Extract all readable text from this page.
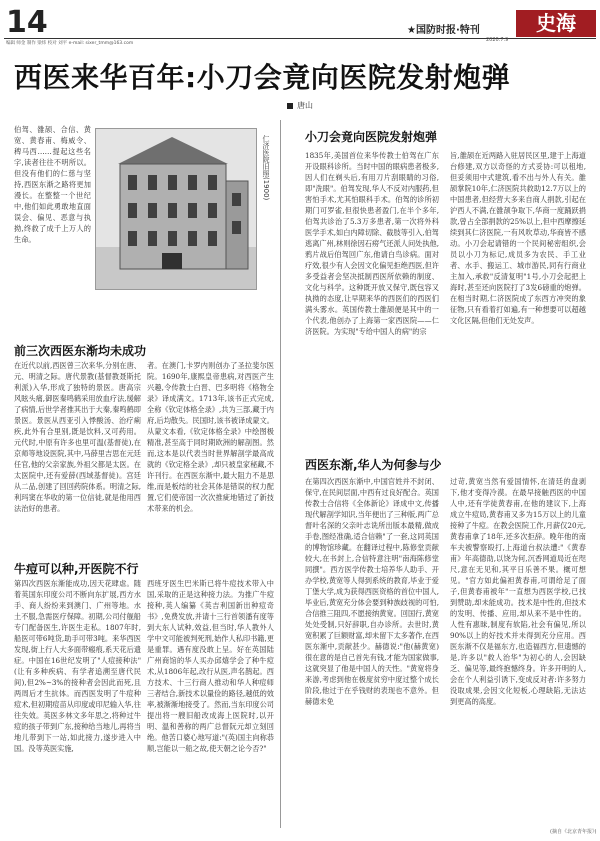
14
编辑 师金 制作 梁炜 校对 刘平 e-mail: sixer_tmm@163.com
★国防时报·特刊
2020.7.9
史海
西医来华百年:小刀会竟向医院发射炮弹
唐山
伯驾、雒颉、合信、黄宽、黄春甫、梅威令、稗马西……提起这些名字,读者往往不明所以。但没有他们的仁慈与坚持,西医东渐之路将更加漫长。在整整一个世纪中,他们如此勇敢地直面误会、偏见、恶意与执拗,终救了成千上万人的生命。
仁济医院旧照(1900)
前三次西医东渐均未成功
在近代以前,西医曾三次来华,分别在唐、元、明清之际。唐代景教(基督教聂斯托利派)入华,形成了独特的景医。唐高宗风眩头痛,御医秦鸣鹤采用放血疗法,缓解了病情,后世学者推其出于大秦,秦鸣鹤即景医。景医从西亚引入悸酸汤、治疗痢疾,此外有合里别,既是饮料,又可药用。元代时,中原有许多也里可温(基督徒),在京师等地设医院,其中,马薛里吉思在元廷任官,他的父亲家族,外祖父都是太医。在太医院中,还有爱薛(西域基督徒)。宫廷从二品,创建了回回药院体系。明清之际,利玛窦在华收的第一位信徒,就是他用西法治好的患者。
者。在澳门,卡罗内则创办了圣拉斐尔医院。1690年,康熙皇帝患病,对西医产生兴趣,令传教士白晋、巴多明将《格物全录》译成满文。1713年,该书正式完成,全称《钦定体格全录》,共为三部,藏于内府,后均散失。民国时,该书被译成蒙文。从蒙文本看,《钦定体格全录》中绘图极精准,甚至高于同时期欧洲的解剖图。然而,这本是以代表当时世界解剖学最高成就的《钦定格全录》,却只被皇家秘藏,不许刊行。在西医东渐中,最大阻力不是思维,而是板结的社会其体是错误的权力配置,它们使帝国一次次推疵地错过了新技术带来的机会。
牛痘可以种,开医院不行
第四次西医东渐能成功,因天花肆虐。随着英国东印度公司不断向东扩展,西方水手、商人纷纷来到澳门、广州等地。水土不服,急需医疗保障。初期,公司付舰船专门配备医生,许医生走私。1807年时,船医可带6吨货,助手可带3吨。来华西医发现,街上行人大多面带瘢痕,系天花后遗症。中国在16世纪发明了"人痘接种法"(让有多种疾病、有学者追溯至唐代民间),但2%~3%的接种者会因此而死,且两周后才生抗体。而西医发明了牛痘种痘术,但初期痘苗从印度或印尼输入华,往往失效。英医多林文多年思之,将种过牛痘的孩子带到广东,接种给当地儿,再将当地儿带到下一站,如此接力,遂步进入中国。没等英医实施,
西班牙医生巴米斯已将牛痘技术带入中国,采取的正是这种接力法。为推广牛痘接种,英人编纂《英吉利国新出种痘奇书》,免费发放,并请十三行首领潘有度等到大东人试种,效益,但当时,华人教外人学中文可能被判死刑,始作人私印书籍,更是重罪。遇有度没敢上呈。好在英国陆广州商馆的华人买办邱熺学会了种牛痘术,从1806年起,改行从医,声名鹊起。西方技术、十三行商人推动和华人种痘师三者结合,新技术以量俭的路径,越低的效率,被渐渐地接受了。然而,当东印度公司提出将一艘旧船改成海上医院时,以开明、温和善称的两广总督阮元却立刻回绝。他苦口婆心地写道:"(英)国主向称恭顺,岂能以一船之故,使天朝之论今否?"
小刀会竟向医院发射炮弹
1835年,美国首位来华传教士伯驾在广东开设眼科诊所。当时中国的眼病患者极多,因人们在剃头后,有用刀片刮眼睛的习俗,即"洗眼"。伯驾发现,华人不反对内服药,但害怕手术,尤其怕眼科手术。伯驾的诊所初期门可罗雀,但很快患者盈门,在半个多年,伯驾共诊治了5.3万多患者,第一次将外科医学手术,如白内障切除、截肢等引入,伯驾逃离广州,林则徐因石痨气还派人问处执他,鸦片战后伯驾回广东,他请白鸟诊病。面对疗效,很少有人会因文化偏见拒绝西医,但许多受益者会坚决抵制西医所依赖的制度、文化与科学。这种既开放又保守,既包容又执拗的态度,让早期来华的西医们的西医们满头雾水。英国传教士雒颉便是其中的一个代表,他创办了上海第一家西医院——仁济医院。为实现"专给中国人的病"的宗
旨,雒颉在近两路入驻居民区里,建于上海道台修建,双方以奇怪的方式妥协:可以租地,但妥须用中式建筑,看不出与外人有关。雒颉掌院10年,仁济医院共救助12.7万以上的中国患者,但经营大多来自商人捐款,引起在沪西人不满,在雒颉争取下,华商一度踊跃捐款,曾占全部捐款的25%以上,但中西摩擦延续到其仁济医院,一有风吹草动,华商皆不感动。小刀会起请错的一个民间秘密组织,会员以小刀为标记,成员多为农民、手工业者、水手、搬运工、城市游民,同有行商业主加入,承救"反清复明"1号,小刀会起把上海时,甚至还向医院打了3发6磅重的炮弹。在相当时期,仁济医院成了东西方冲突的象征物,只有看着打如遍,有一种想要可以超越文化区隔,但他们无处发声。
西医东渐,华人为何参与少
在第四次西医东渐中,中国官姓并不封闭、保守,在民间层面,中西有过良好配合。英国传教士合信将《全体新论》译成中文,传播现代解剖学知识,当年便出了三种版,两广总督叶名深的父亲叶志诜所出版本最精,做成手卷,图经准确,适合信赖"了一套,这同英国的博物馆珍藏。在翻译过程中,陈修堂贡献较大,在书封上,合信特意注明"南海陈修堂同撰"。西方医学传教士培养华人助手、开办学校,黄宽等人得到系统的教育,毕业于爱丁堡大学,成为获得西医资格的首位中国人,毕业后,黄宽充分体会要到种族歧视的可怕,合信推三阻四,不愿接纳黄宽。回国行,黄宽处处受制,只好辞职,自办诊所。去世时,黄宽积累了巨额财富,却未留下太多著作,在西医东渐中,贡献甚少。赫德说:"他(赫黄宽)很在意的是自己首先有钱,才能为国家做事,这就突显了他是中国人的天性。"黄宽将身来游,考虑到他在极度贫穷中度过整个成长阶段,他过于在乎钱财的表现也不意外。但赫德未免
过苛,黄宽当然有爱国情怀,在清廷的盘剥下,他才变得冷漠。在最早接触西医的中国人中,还有学徒黄春甫,在他的建议下,上海成立牛痘局,黄春甫又多为15万以上的儿童接种了牛痘。在教会医院工作,月薪仅20元,黄春甫拿了18年,还多次拒辞。晚年他的南车夫被警察殴打,上海道台叔法遭:"《黄春甫》年高德劭,以饶为何,沉香网道局近在咫尺,意在无见和,其平日乐善不果。概可想见。"官方如此偏袒黄春甫,可谓给足了面子,但黄春甫被年"一直想为西医学校,已找到赞助,却未能成功。技术是中性的,但技术的发明、传播、应用,却从来不是中性的。人性有惠昧,制度有软陷,社会有偏见,所以90%以上的好技术并未得到充分应用。西医东渐不仅是福东方,也造福西方,但遗憾的是,许多以"救人治华"为初心的人,会因缺乏、偏见等,最终抱憾终身。许多开明的人,会在个人利益引诱下,变成反对者:许多努力没取成果,会因文化短板,心理缺陷,无法达到更高的高度。
(摘自《北京青年报》)
